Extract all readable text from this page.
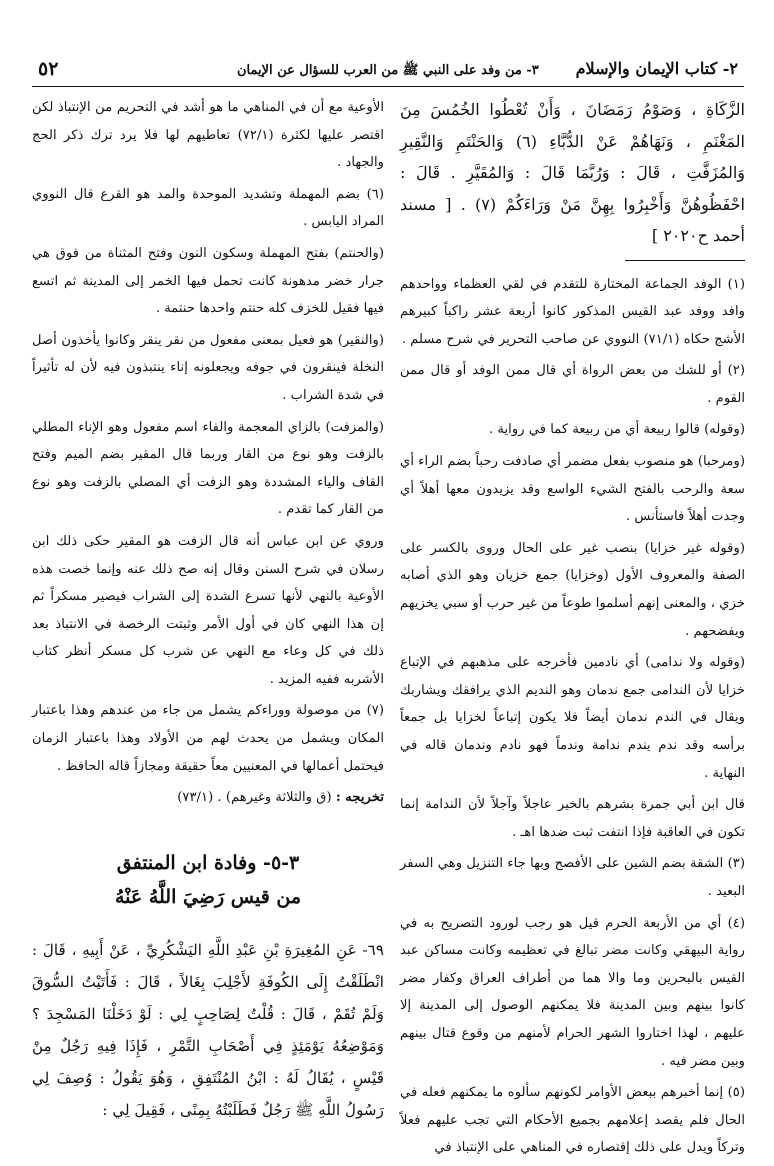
٥٢	٣- من وفد على النبي ﷺ من العرب للسؤال عن الإيمان ٢- كتاب الإيمان والإسلام

الزَّكَاةِ ، وَصَوْمُ رَمَضَانَ ، وَأَنْ تُعْطُوا الخُمُسَ مِنَ المَغْنَمِ ، وَنَهَاهُمْ عَنْ الدُّبَّاءِ (٦) وَالحَنْتَمِ وَالنَّقِيرِ وَالمُزَفَّتِ ، قَالَ : وَرُبَّمَا قَالَ : وَالمُقَيَّرِ . قَالَ : احْفَظُوهُنَّ وَأَخْبِرُوا بِهِنَّ مَنْ وَرَاءَكُمْ (٧) . [ مسند أحمد ح٢٠٢٠ ]

(١) الوفد الجماعة المختارة للتقدم في لقي العظماء وواحدهم وافد ووفد عبد القيس المذكور كانوا أربعة عشر راكباً كبيرهم الأشج حكاه (٧١/١) النووي عن صاحب التحرير في شرح مسلم .

(٢) أو للشك من بعض الرواة أي قال ممن الوفد أو قال ممن القوم .

(وقوله) قالوا ربيعة أي من ربيعة كما في رواية .

(ومرحبا) هو منصوب بفعل مضمر أي صادفت رحباً بضم الراء أي سعة والرحب بالفتح الشيء الواسع وقد يزيدون معها أهلاً أي وجدت أهلاً فاستأنس .

(وقوله غير خزايا) بنصب غير على الحال وروى بالكسر على الصفة والمعروف الأول (وخزايا) جمع خزيان وهو الذي أصابه خزي ، والمعنى إنهم أسلموا طوعاً من غير حرب أو سبي يخزيهم ويفضحهم .

(وقوله ولا ندامى) أي نادمين فأخرجه على مذهبهم في الإتباع خزايا لأن الندامى جمع ندمان وهو النديم الذي يرافقك ويشاربك ويقال في الندم ندمان أيضاً فلا يكون إتباعاً لخزايا بل جمعاً برأسه وقد ندم يندم ندامة وندماً فهو نادم وندمان قاله في النهاية .

قال ابن أبي جمرة بشرهم بالخير عاجلاً وآجلاً لأن الندامة إنما تكون في العاقبة فإذا انتفت ثبت ضدها اهـ .

(٣) الشقة بضم الشين على الأفصح وبها جاء التنزيل وهي السفر البعيد .

(٤) أي من الأربعة الحرم قيل هو رجب لورود التصريح به في رواية البيهقي وكانت مضر تبالغ في تعظيمه وكانت مساكن عبد القيس بالبحرين وما والا هما من أطراف العراق وكفار مضر كانوا بينهم وبين المدينة فلا يمكنهم الوصول إلى المدينة إلا عليهم ، لهذا اختاروا الشهر الحرام لأمنهم من وقوع قتال بينهم وبين مضر فيه .

(٥) إنما أخبرهم ببعض الأوامر لكونهم سألوه ما يمكنهم فعله في الحال فلم يقصد إعلامهم بجميع الأحكام التي تجب عليهم فعلاً وتركاً ويدل على ذلك إقتصاره في المناهي على الإنتباذ في

الأوعية مع أن في المناهي ما هو أشد في التحريم من الإنتباذ لكن اقتصر عليها لكثرة (٧٢/١) تعاطيهم لها فلا يرد ترك ذكر الحج والجهاد .

(٦) بضم المهملة وتشديد الموحدة والمد هو القرع قال النووي المراد اليابس .

(والحنتم) بفتح المهملة وسكون النون وفتح المثناة من فوق هي جرار خضر مدهونة كانت تحمل فيها الخمر إلى المدينة ثم اتسع فيها فقيل للخزف كله حنتم واحدها حنتمة .

(والنقير) هو فعيل بمعنى مفعول من نقر ينقر وكانوا يأخذون أصل النخلة فينقرون في جوفه ويجعلونه إناء ينتبذون فيه لأن له تأثيراً في شدة الشراب .

(والمزفت) بالزاي المعجمة والفاء اسم مفعول وهو الإناء المطلي بالزفت وهو نوع من القار وربما قال المقير بضم الميم وفتح القاف والياء المشددة وهو الزفت أي المصلي بالزفت وهو نوع من القار كما تقدم .

وروي عن ابن عباس أنه قال الزفت هو المقير حكى ذلك ابن رسلان في شرح السنن وقال إنه صح ذلك عنه وإنما خصت هذه الأوعية بالنهي لأنها تسرع الشدة إلى الشراب فيصير مسكراً ثم إن هذا النهي كان في أول الأمر وثبتت الرخصة في الانتباذ بعد ذلك في كل وعاء مع النهي عن شرب كل مسكر أنظر كتاب الأشربه ففيه المزيد .

(٧) من موصولة ووراءكم يشمل من جاء من عندهم وهذا باعتبار المكان ويشمل من يحدث لهم من الأولاد وهذا باعتبار الزمان فيحتمل أعمالها في المعنيين معاً حقيقة ومجازاً قاله الحافظ .

تخريجه : (ق والثلاثة وغيرهم) . (٧٣/١)

٣-٥- وفادة ابن المنتفق
من قيس رَضِيَ اللَّهُ عَنْهُ

٦٩- عَنِ المُغِيرَةِ بْنِ عَبْدِ اللَّهِ اليَشْكُرِيِّ ، عَنْ أَبِيهِ ، قَالَ : انْطَلَقْتُ إِلَى الكُوفَةِ لأَجْلِبَ بِغَالاً ، قَالَ : فَأَتَيْتُ السُّوقَ وَلَمْ تُقَمْ ، قَالَ : قُلْتُ لِصَاحِبٍ لِي : لَوْ دَخَلْنَا المَسْجِدَ ؟ وَمَوْضِعُهُ يَوْمَئِذٍ فِي أَصْحَابِ التَّمْرِ ، فَإِذَا فِيهِ رَجُلٌ مِنْ قَيْسٍ ، يُقَالُ لَهُ : ابْنُ المُنْتَفِقِ ، وَهُوَ يَقُولُ : وُصِفَ لِي رَسُولُ اللَّهِ ﷺ رَجُلٌ فَطَلَبْتُهُ بِمِنًى ، فَقِيلَ لِي :
